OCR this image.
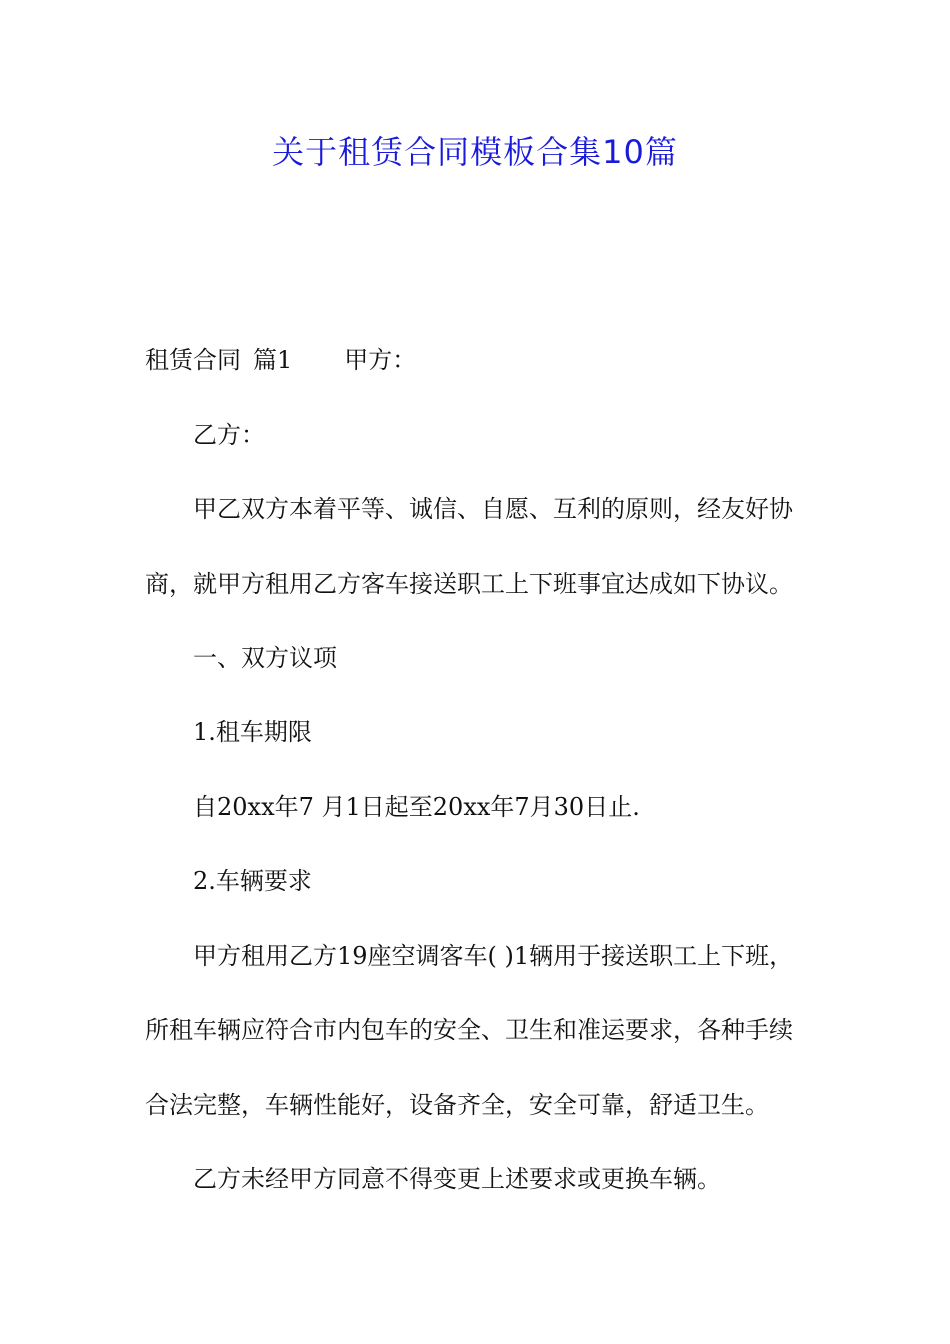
关于租赁合同模板合集10篇

租赁合同 篇1 甲方：

乙方：

甲乙双方本着平等、诚信、自愿、互利的原则，经友好协

商，就甲方租用乙方客车接送职工上下班事宜达成如下协议。

一、双方议项

1.租车期限

自20xx年7 月1日起至20xx年7月30日止.

2.车辆要求

甲方租用乙方19座空调客车( )1辆用于接送职工上下班，

所租车辆应符合市内包车的安全、卫生和准运要求，各种手续

合法完整，车辆性能好，设备齐全，安全可靠，舒适卫生。

乙方未经甲方同意不得变更上述要求或更换车辆。
